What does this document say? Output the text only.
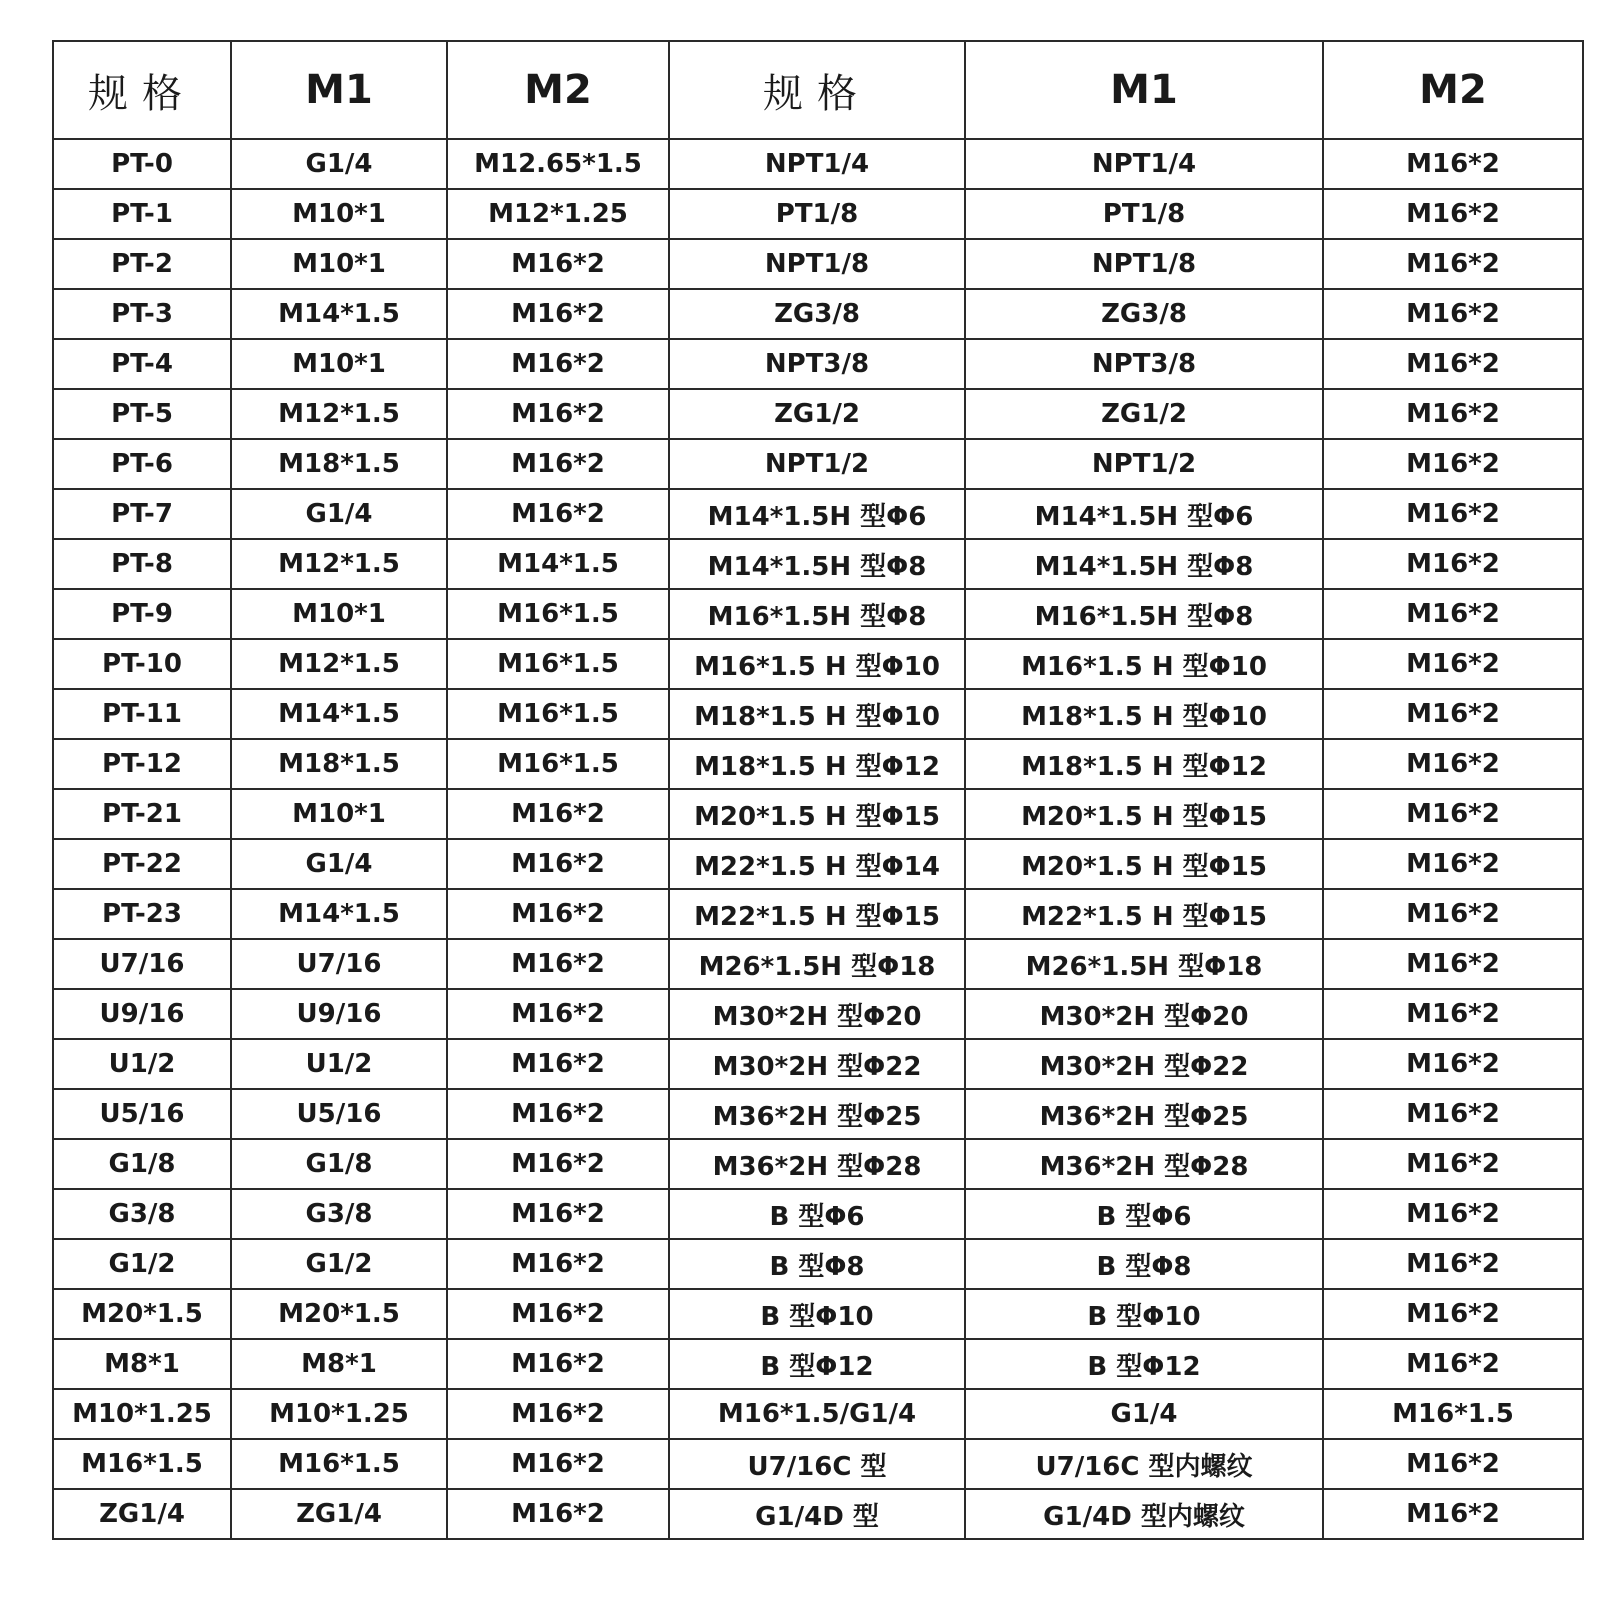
规格	M1	M2	规格	M1	M2
PT-0	G1/4	M12.65*1.5	NPT1/4	NPT1/4	M16*2
PT-1	M10*1	M12*1.25	PT1/8	PT1/8	M16*2
PT-2	M10*1	M16*2	NPT1/8	NPT1/8	M16*2
PT-3	M14*1.5	M16*2	ZG3/8	ZG3/8	M16*2
PT-4	M10*1	M16*2	NPT3/8	NPT3/8	M16*2
PT-5	M12*1.5	M16*2	ZG1/2	ZG1/2	M16*2
PT-6	M18*1.5	M16*2	NPT1/2	NPT1/2	M16*2
PT-7	G1/4	M16*2	M14*1.5H 型Φ6	M14*1.5H 型Φ6	M16*2
PT-8	M12*1.5	M14*1.5	M14*1.5H 型Φ8	M14*1.5H 型Φ8	M16*2
PT-9	M10*1	M16*1.5	M16*1.5H 型Φ8	M16*1.5H 型Φ8	M16*2
PT-10	M12*1.5	M16*1.5	M16*1.5 H 型Φ10	M16*1.5 H 型Φ10	M16*2
PT-11	M14*1.5	M16*1.5	M18*1.5 H 型Φ10	M18*1.5 H 型Φ10	M16*2
PT-12	M18*1.5	M16*1.5	M18*1.5 H 型Φ12	M18*1.5 H 型Φ12	M16*2
PT-21	M10*1	M16*2	M20*1.5 H 型Φ15	M20*1.5 H 型Φ15	M16*2
PT-22	G1/4	M16*2	M22*1.5 H 型Φ14	M20*1.5 H 型Φ15	M16*2
PT-23	M14*1.5	M16*2	M22*1.5 H 型Φ15	M22*1.5 H 型Φ15	M16*2
U7/16	U7/16	M16*2	M26*1.5H 型Φ18	M26*1.5H 型Φ18	M16*2
U9/16	U9/16	M16*2	M30*2H 型Φ20	M30*2H 型Φ20	M16*2
U1/2	U1/2	M16*2	M30*2H 型Φ22	M30*2H 型Φ22	M16*2
U5/16	U5/16	M16*2	M36*2H 型Φ25	M36*2H 型Φ25	M16*2
G1/8	G1/8	M16*2	M36*2H 型Φ28	M36*2H 型Φ28	M16*2
G3/8	G3/8	M16*2	B 型Φ6	B 型Φ6	M16*2
G1/2	G1/2	M16*2	B 型Φ8	B 型Φ8	M16*2
M20*1.5	M20*1.5	M16*2	B 型Φ10	B 型Φ10	M16*2
M8*1	M8*1	M16*2	B 型Φ12	B 型Φ12	M16*2
M10*1.25	M10*1.25	M16*2	M16*1.5/G1/4	G1/4	M16*1.5
M16*1.5	M16*1.5	M16*2	U7/16C 型	U7/16C 型内螺纹	M16*2
ZG1/4	ZG1/4	M16*2	G1/4D 型	G1/4D 型内螺纹	M16*2
